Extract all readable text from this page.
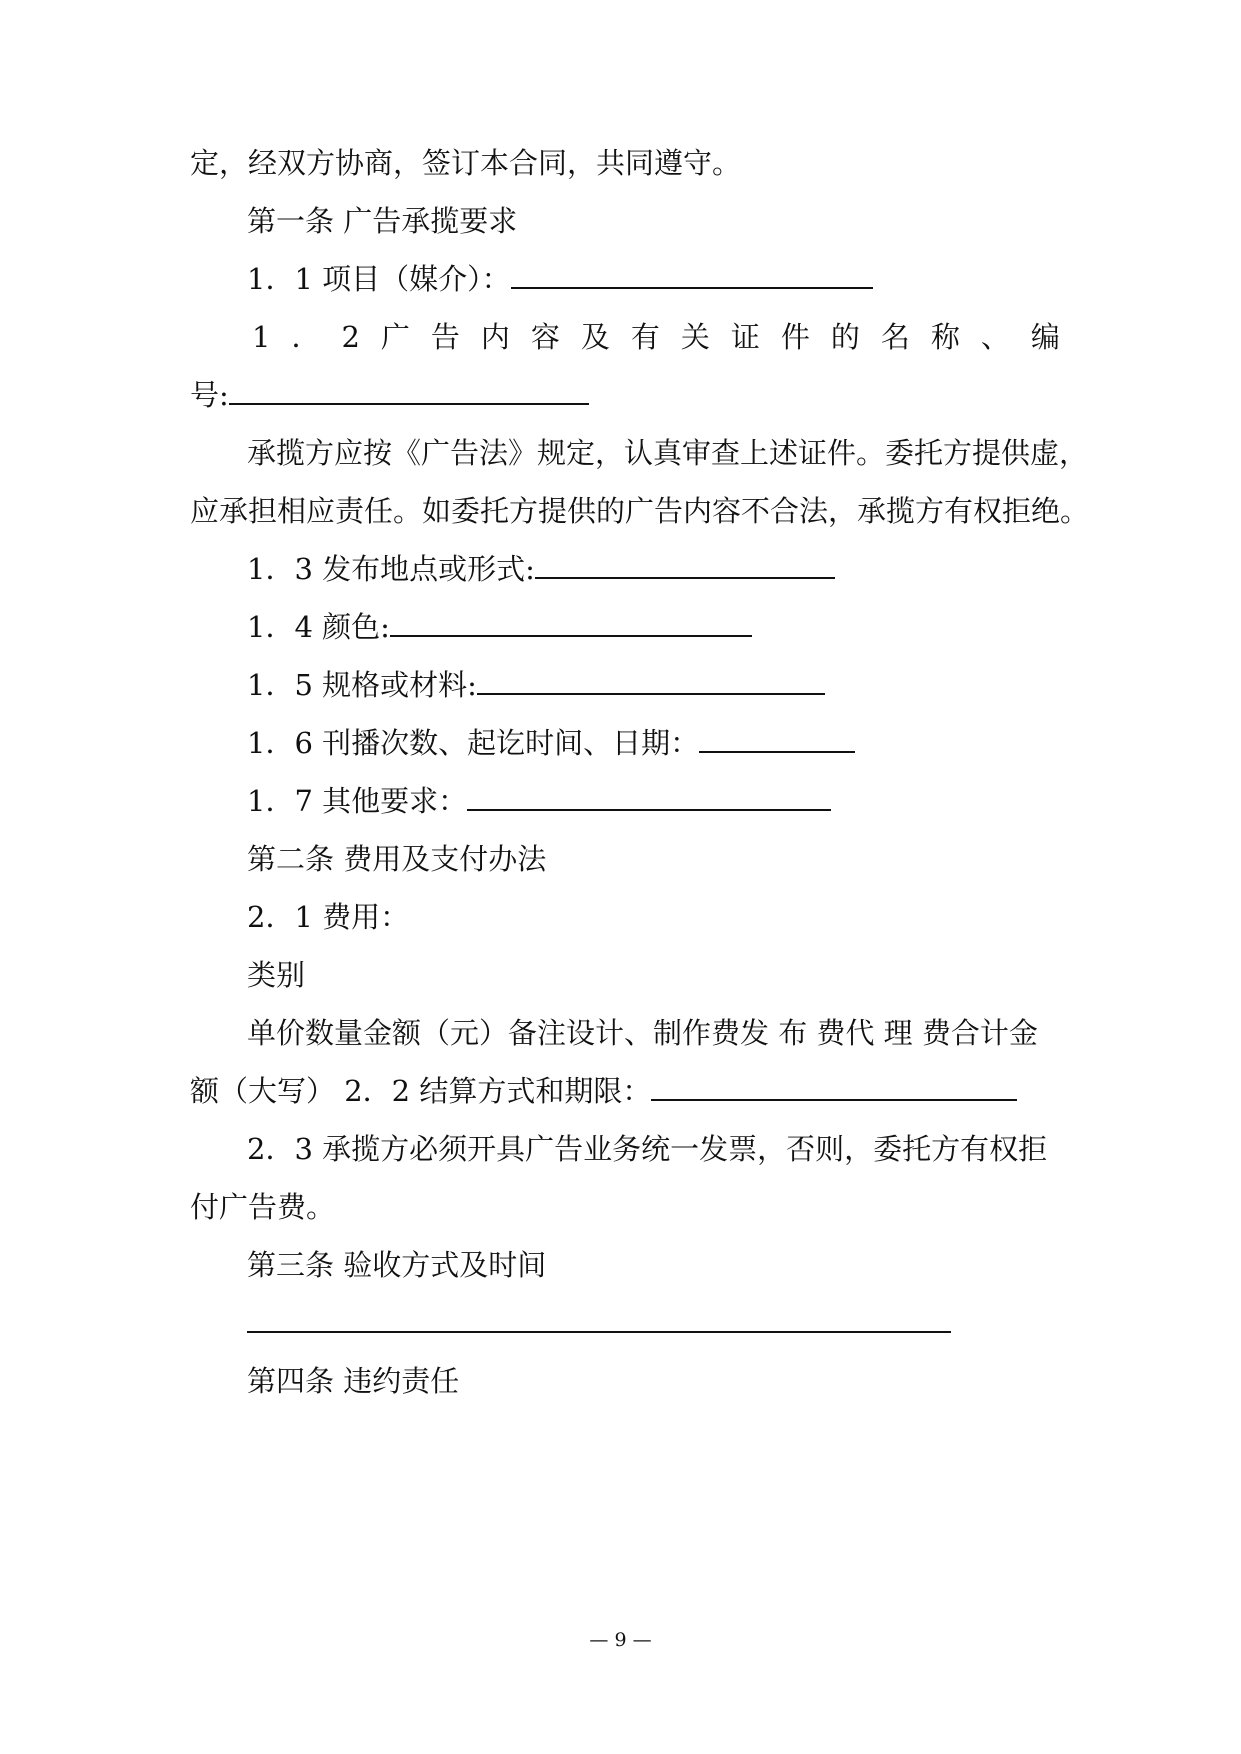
定，经双方协商，签订本合同，共同遵守。
第一条 广告承揽要求
1．1 项目（媒介）：
1 ． 2 广 告 内 容 及 有 关 证 件 的 名 称 、 编
号:
承揽方应按《广告法》规定，认真审查上述证件。委托方提供虚，
应承担相应责任。如委托方提供的广告内容不合法，承揽方有权拒绝。
1．3 发布地点或形式:
1．4 颜色:
1．5 规格或材料:
1．6 刊播次数、起讫时间、日期：
1．7 其他要求：
第二条 费用及支付办法
2．1 费用：
类别
单价数量金额（元）备注设计、制作费发 布 费代 理 费合计金
额（大写） 2．2 结算方式和期限：
2．3 承揽方必须开具广告业务统一发票，否则，委托方有权拒
付广告费。
第三条 验收方式及时间
第四条 违约责任
— 9 —
